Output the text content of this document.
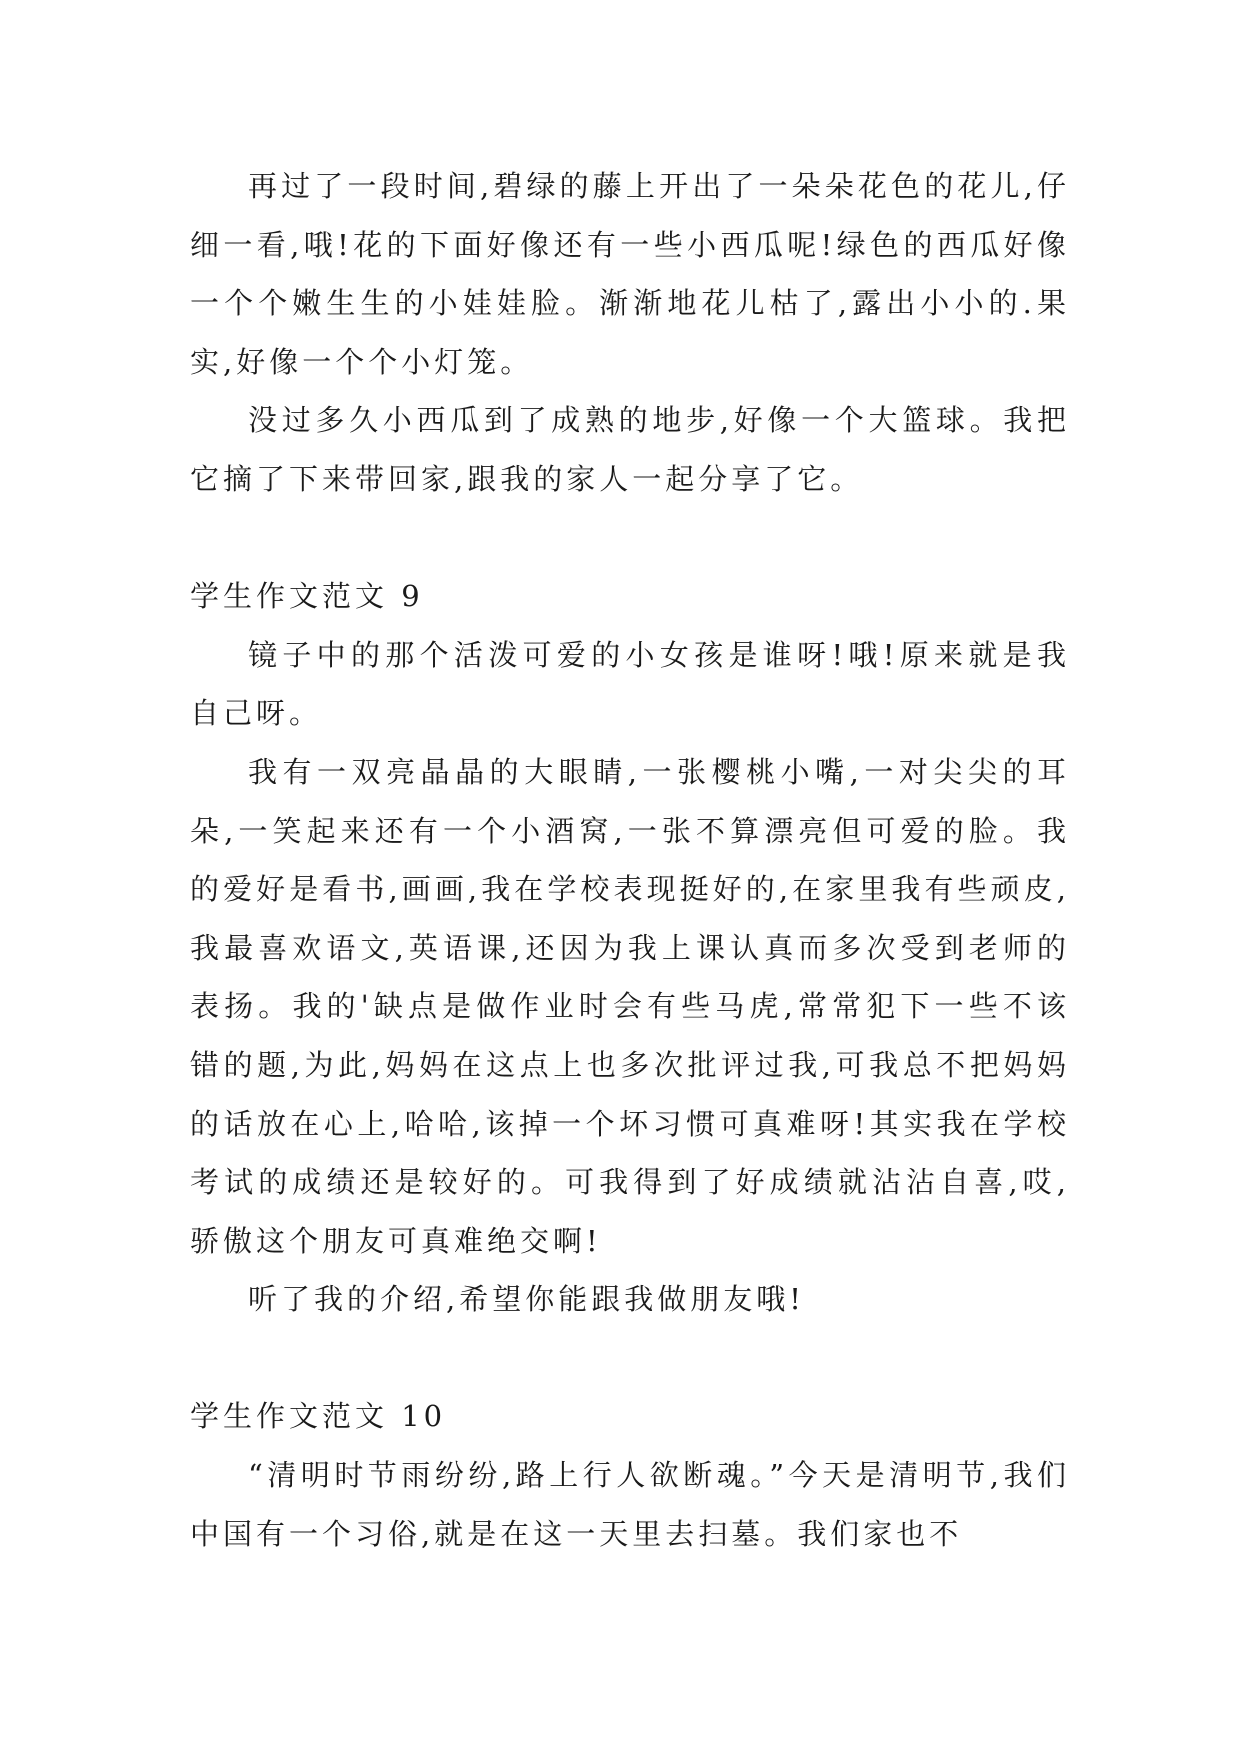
再过了一段时间,碧绿的藤上开出了一朵朵花色的花儿,仔细一看,哦!花的下面好像还有一些小西瓜呢!绿色的西瓜好像一个个嫩生生的小娃娃脸。渐渐地花儿枯了,露出小小的.果实,好像一个个小灯笼。

没过多久小西瓜到了成熟的地步,好像一个大篮球。我把它摘了下来带回家,跟我的家人一起分享了它。

学生作文范文 9

镜子中的那个活泼可爱的小女孩是谁呀!哦!原来就是我自己呀。

我有一双亮晶晶的大眼睛,一张樱桃小嘴,一对尖尖的耳朵,一笑起来还有一个小酒窝,一张不算漂亮但可爱的脸。我的爱好是看书,画画,我在学校表现挺好的,在家里我有些顽皮,我最喜欢语文,英语课,还因为我上课认真而多次受到老师的表扬。我的'缺点是做作业时会有些马虎,常常犯下一些不该错的题,为此,妈妈在这点上也多次批评过我,可我总不把妈妈的话放在心上,哈哈,该掉一个坏习惯可真难呀!其实我在学校考试的成绩还是较好的。可我得到了好成绩就沾沾自喜,哎,骄傲这个朋友可真难绝交啊!

听了我的介绍,希望你能跟我做朋友哦!

学生作文范文 10

“清明时节雨纷纷,路上行人欲断魂。”今天是清明节,我们中国有一个习俗,就是在这一天里去扫墓。我们家也不
